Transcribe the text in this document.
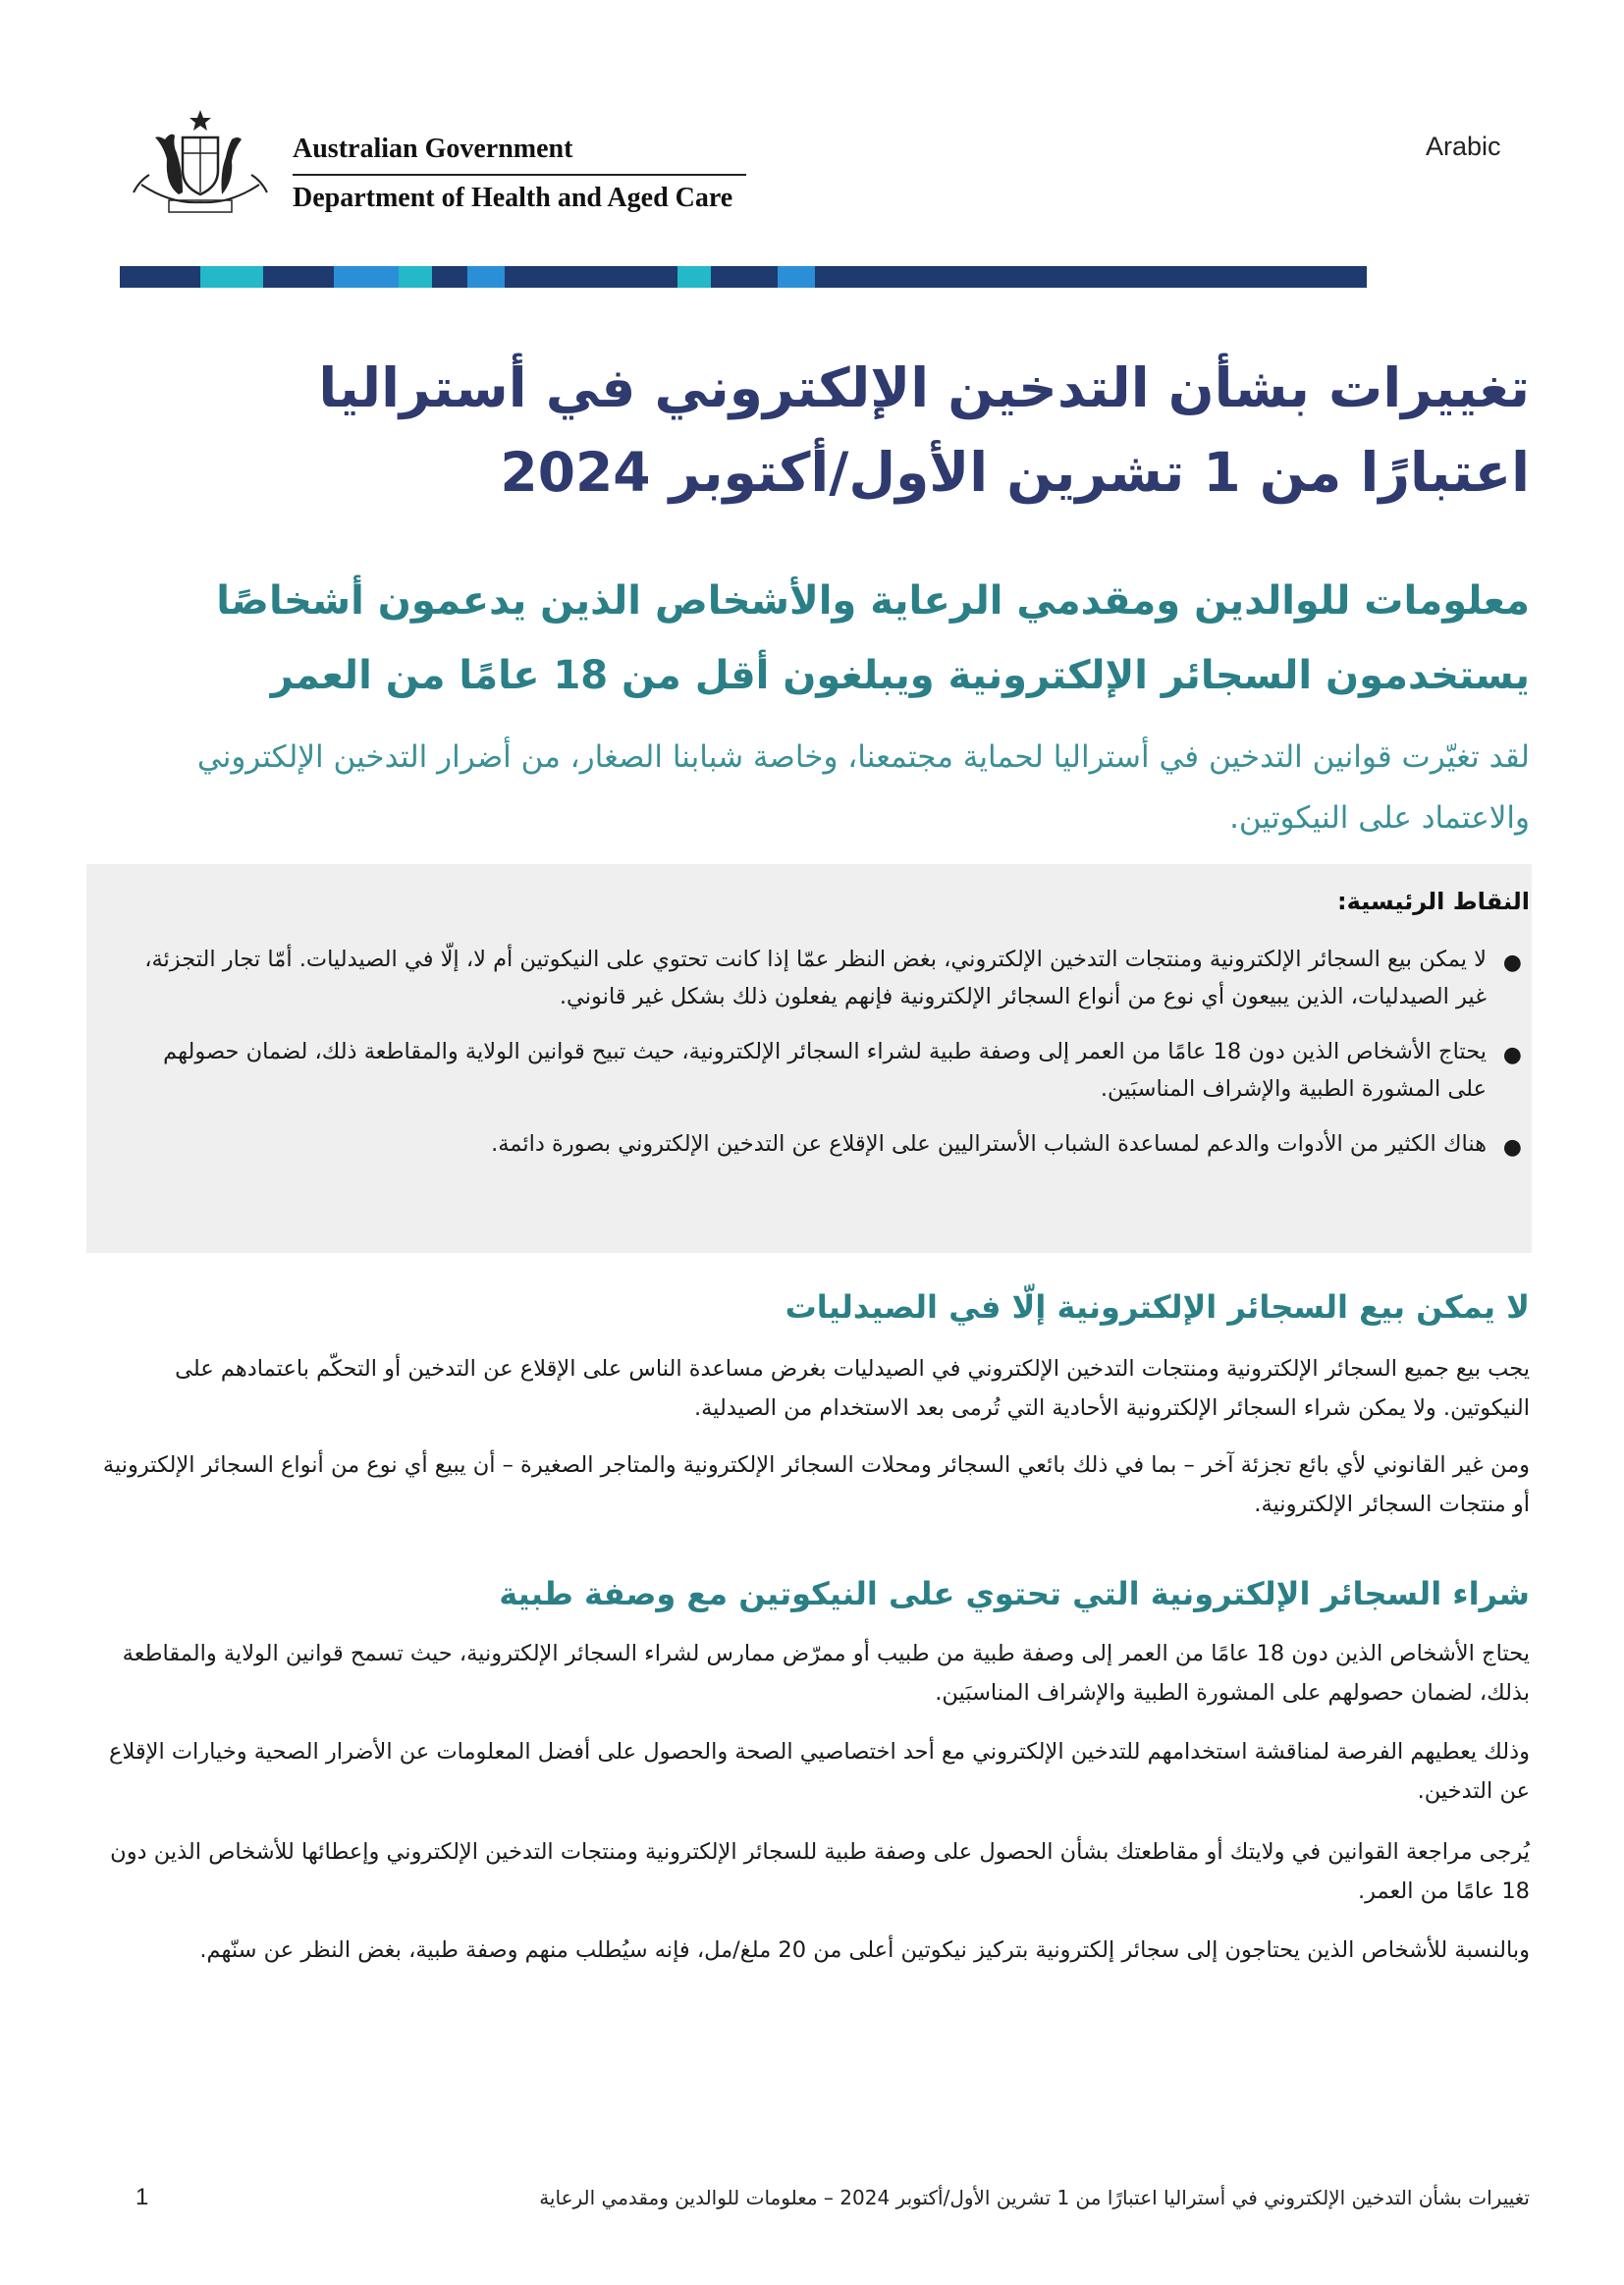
Australian Government
Department of Health and Aged Care
Arabic
تغييرات بشأن التدخين الإلكتروني في أستراليا
اعتبارًا من 1 تشرين الأول/أكتوبر 2024
معلومات للوالدين ومقدمي الرعاية والأشخاص الذين يدعمون أشخاصًا
يستخدمون السجائر الإلكترونية ويبلغون أقل من 18 عامًا من العمر

لقد تغيّرت قوانين التدخين في أستراليا لحماية مجتمعنا، وخاصة شبابنا الصغار، من أضرار التدخين الإلكتروني والاعتماد على النيكوتين.

النقاط الرئيسية:

●
لا يمكن بيع السجائر الإلكترونية ومنتجات التدخين الإلكتروني، بغض النظر عمّا إذا كانت تحتوي على النيكوتين أم لا، إلّا في الصيدليات. أمّا تجار التجزئة، غير الصيدليات، الذين يبيعون أي نوع من أنواع السجائر الإلكترونية فإنهم يفعلون ذلك بشكل غير قانوني.
●
يحتاج الأشخاص الذين دون 18 عامًا من العمر إلى وصفة طبية لشراء السجائر الإلكترونية، حيث تبيح قوانين الولاية والمقاطعة ذلك، لضمان حصولهم على المشورة الطبية والإشراف المناسبَين.
●
هناك الكثير من الأدوات والدعم لمساعدة الشباب الأستراليين على الإقلاع عن التدخين الإلكتروني بصورة دائمة.
لا يمكن بيع السجائر الإلكترونية إلّا في الصيدليات

يجب بيع جميع السجائر الإلكترونية ومنتجات التدخين الإلكتروني في الصيدليات بغرض مساعدة الناس على الإقلاع عن التدخين أو التحكّم باعتمادهم على النيكوتين. ولا يمكن شراء السجائر الإلكترونية الأحادية التي تُرمى بعد الاستخدام من الصيدلية.

ومن غير القانوني لأي بائع تجزئة آخر – بما في ذلك بائعي السجائر ومحلات السجائر الإلكترونية والمتاجر الصغيرة – أن يبيع أي نوع من أنواع السجائر الإلكترونية أو منتجات السجائر الإلكترونية.

شراء السجائر الإلكترونية التي تحتوي على النيكوتين مع وصفة طبية

يحتاج الأشخاص الذين دون 18 عامًا من العمر إلى وصفة طبية من طبيب أو ممرّض ممارس لشراء السجائر الإلكترونية، حيث تسمح قوانين الولاية والمقاطعة بذلك، لضمان حصولهم على المشورة الطبية والإشراف المناسبَين.

وذلك يعطيهم الفرصة لمناقشة استخدامهم للتدخين الإلكتروني مع أحد اختصاصيي الصحة والحصول على أفضل المعلومات عن الأضرار الصحية وخيارات الإقلاع عن التدخين.

يُرجى مراجعة القوانين في ولايتك أو مقاطعتك بشأن الحصول على وصفة طبية للسجائر الإلكترونية ومنتجات التدخين الإلكتروني وإعطائها للأشخاص الذين دون 18 عامًا من العمر.

وبالنسبة للأشخاص الذين يحتاجون إلى سجائر إلكترونية بتركيز نيكوتين أعلى من 20 ملغ/مل، فإنه سيُطلب منهم وصفة طبية، بغض النظر عن سنّهم.

تغييرات بشأن التدخين الإلكتروني في أستراليا اعتبارًا من 1 تشرين الأول/أكتوبر 2024 – معلومات للوالدين ومقدمي الرعاية
1
